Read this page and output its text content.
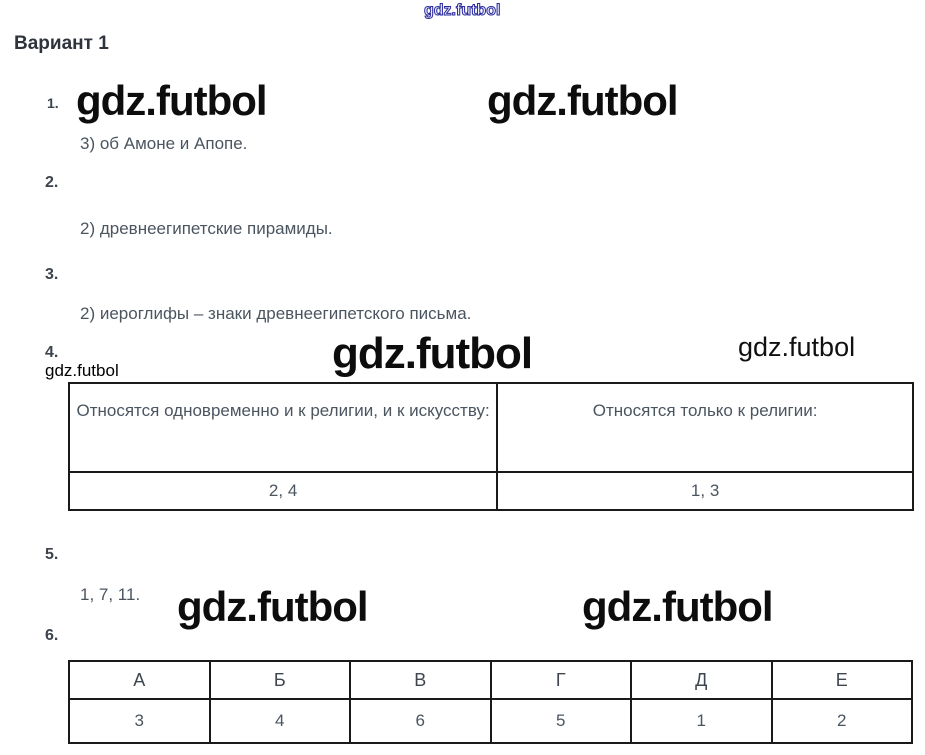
gdz.futbol
Вариант 1
1. gdz.futbol	gdz.futbol
3) об Амоне и Апопе.
2.
2) древнеегипетские пирамиды.
3.
2) иероглифы – знаки древнеегипетского письма.
4.
gdz.futbol	gdz.futbol	gdz.futbol
Относятся одновременно и к религии, и к искусству:	Относятся только к религии:
2, 4	1, 3
5.
1, 7, 11. gdz.futbol	gdz.futbol
6.
А	Б	В	Г	Д	Е
3	4	6	5	1	2
